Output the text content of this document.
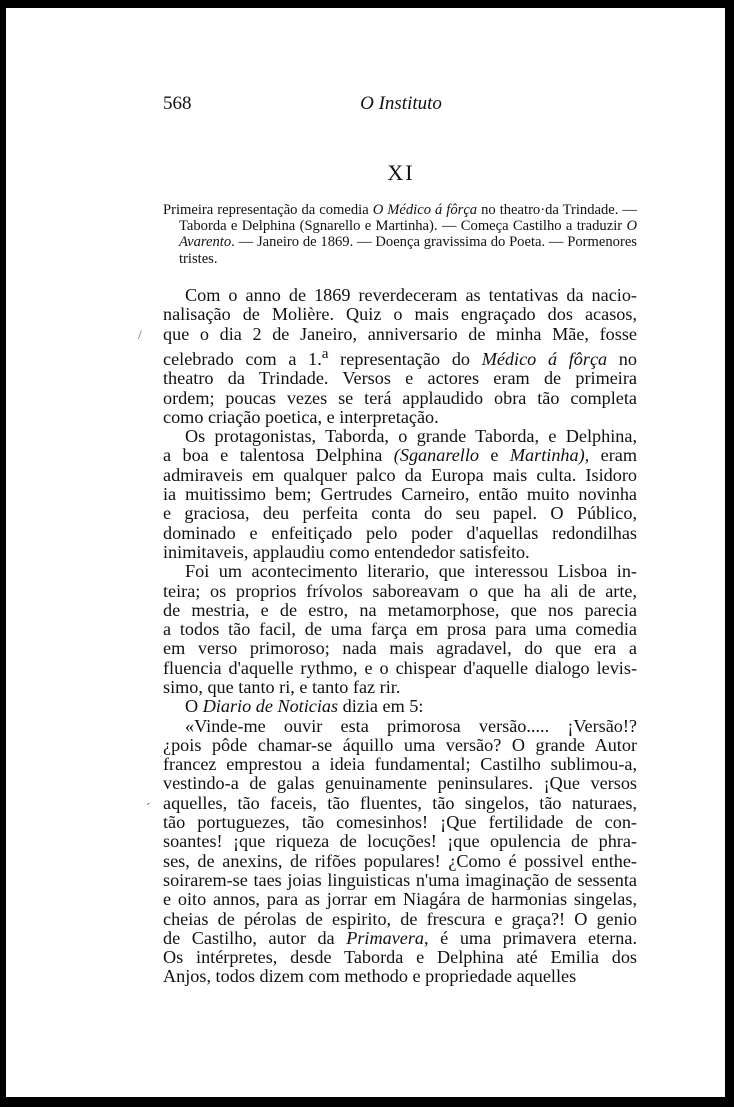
/
ˊ
O Instituto
568
XI

Primeira representação da comedia O Médico á fôrça no theatro·da Trindade. — Taborda e Delphina (Sgnarello e Martinha). — Começa Castilho a traduzir O Avarento. — Janeiro de 1869. — Doença gravissima do Poeta. — Pormenores tristes.

Com o anno de 1869 reverdeceram as tentativas da nacio-
nalisação de Molière. Quiz o mais engraçado dos acasos,
que o dia 2 de Janeiro, anniversario de minha Mãe, fosse
celebrado com a 1.$^a$ representação do Médico á fôrça no
theatro da Trindade. Versos e actores eram de primeira
ordem; poucas vezes se terá applaudido obra tão completa
como criação poetica, e interpretação.
Os protagonistas, Taborda, o grande Taborda, e Delphina,
a boa e talentosa Delphina (Sganarello e Martinha), eram
admiraveis em qualquer palco da Europa mais culta. Isidoro
ia muitissimo bem; Gertrudes Carneiro, então muito novinha
e graciosa, deu perfeita conta do seu papel. O Público,
dominado e enfeitiçado pelo poder d'aquellas redondilhas
inimitaveis, applaudiu como entendedor satisfeito.
Foi um acontecimento literario, que interessou Lisboa in-
teira; os proprios frívolos saboreavam o que ha ali de arte,
de mestria, e de estro, na metamorphose, que nos parecia
a todos tão facil, de uma farça em prosa para uma comedia
em verso primoroso; nada mais agradavel, do que era a
fluencia d'aquelle rythmo, e o chispear d'aquelle dialogo levis-
simo, que tanto ri, e tanto faz rir.
O Diario de Noticias dizia em 5:
«Vinde-me ouvir esta primorosa versão..... ¡Versão!?
¿pois pôde chamar-se áquillo uma versão? O grande Autor
francez emprestou a ideia fundamental; Castilho sublimou-a,
vestindo-a de galas genuinamente peninsulares. ¡Que versos
aquelles, tão faceis, tão fluentes, tão singelos, tão naturaes,
tão portuguezes, tão comesinhos! ¡Que fertilidade de con-
soantes! ¡que riqueza de locuções! ¡que opulencia de phra-
ses, de anexins, de rifões populares! ¿Como é possivel enthe-
soirarem-se taes joias linguisticas n'uma imaginação de sessenta
e oito annos, para as jorrar em Niagára de harmonias singelas,
cheias de pérolas de espirito, de frescura e graça?! O genio
de Castilho, autor da Primavera, é uma primavera eterna.
Os intérpretes, desde Taborda e Delphina até Emilia dos
Anjos, todos dizem com methodo e propriedade aquelles
